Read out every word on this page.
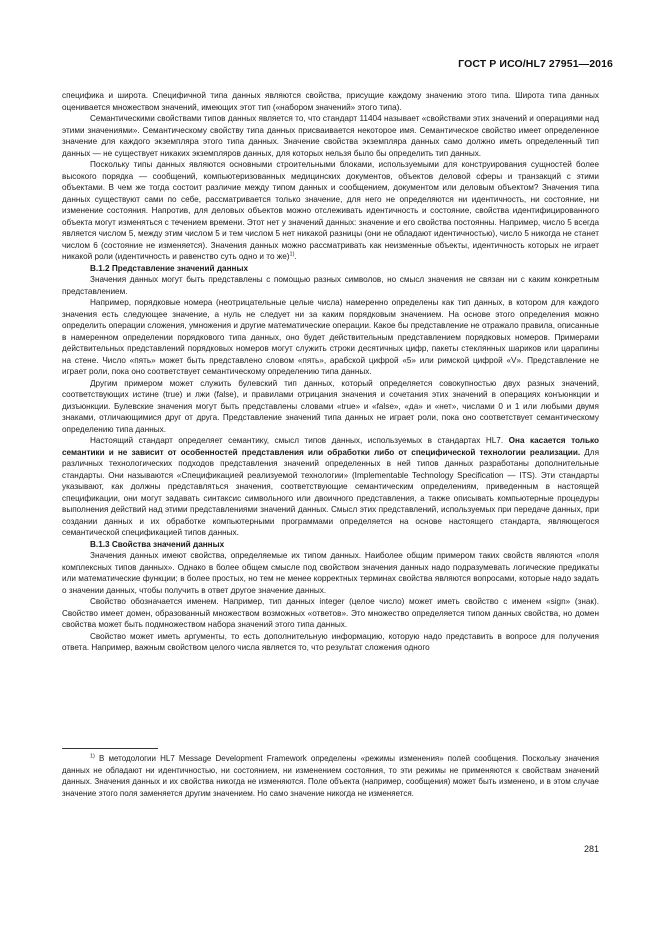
ГОСТ Р ИСО/HL7 27951—2016

специфика и широта. Специфичной типа данных являются свойства, присущие каждому значению этого типа. Широта типа данных оценивается множеством значений, имеющих этот тип («набором значений» этого типа).

Семантическими свойствами типов данных является то, что стандарт 11404 называет «свойствами этих значений и операциями над этими значениями». Семантическому свойству типа данных присваивается некоторое имя. Семантическое свойство имеет определенное значение для каждого экземпляра этого типа данных. Значение свойства экземпляра данных само должно иметь определенный тип данных — не существует никаких экземпляров данных, для которых нельзя было бы определить тип данных.

Поскольку типы данных являются основными строительными блоками, используемыми для конструирования сущностей более высокого порядка — сообщений, компьютеризованных медицинских документов, объектов деловой сферы и транзакций с этими объектами. В чем же тогда состоит различие между типом данных и сообщением, документом или деловым объектом? Значения типа данных существуют сами по себе, рассматривается только значение, для него не определяются ни идентичность, ни состояние, ни изменение состояния. Напротив, для деловых объектов можно отслеживать идентичность и состояние, свойства идентифицированного объекта могут изменяться с течением времени. Этот нет у значений данных: значение и его свойства постоянны. Например, число 5 всегда является числом 5, между этим числом 5 и тем числом 5 нет никакой разницы (они не обладают идентичностью), число 5 никогда не станет числом 6 (состояние не изменяется). Значения данных можно рассматривать как неизменные объекты, идентичность которых не играет никакой роли (идентичность и равенство суть одно и то же)$^{1)}$.

B.1.2 Представление значений данных

Значения данных могут быть представлены с помощью разных символов, но смысл значения не связан ни с каким конкретным представлением.

Например, порядковые номера (неотрицательные целые числа) намеренно определены как тип данных, в котором для каждого значения есть следующее значение, а нуль не следует ни за каким порядковым значением. На основе этого определения можно определить операции сложения, умножения и другие математические операции. Какое бы представление не отражало правила, описанные в намеренном определении порядкового типа данных, оно будет действительным представлением порядковых номеров. Примерами действительных представлений порядковых номеров могут служить строки десятичных цифр, пакеты стеклянных шариков или царапины на стене. Число «пять» может быть представлено словом «пять», арабской цифрой «5» или римской цифрой «V». Представление не играет роли, пока оно соответствует семантическому определению типа данных.

Другим примером может служить булевский тип данных, который определяется совокупностью двух разных значений, соответствующих истине (true) и лжи (false), и правилами отрицания значения и сочетания этих значений в операциях конъюнкции и дизъюнкции. Булевские значения могут быть представлены словами «true» и «false», «да» и «нет», числами 0 и 1 или любыми двумя знаками, отличающимися друг от друга. Представление значений типа данных не играет роли, пока оно соответствует семантическому определению типа данных.

Настоящий стандарт определяет семантику, смысл типов данных, используемых в стандартах HL7. Она касается только семантики и не зависит от особенностей представления или обработки либо от специфической технологии реализации. Для различных технологических подходов представления значений определенных в ней типов данных разработаны дополнительные стандарты. Они называются «Спецификацией реализуемой технологии» (Implementable Technology Specification — ITS). Эти стандарты указывают, как должны представляться значения, соответствующие семантическим определениям, приведенным в настоящей спецификации, они могут задавать синтаксис символьного или двоичного представления, а также описывать компьютерные процедуры выполнения действий над этими представлениями значений данных. Смысл этих представлений, используемых при передаче данных, при создании данных и их обработке компьютерными программами определяется на основе настоящего стандарта, являющегося семантической спецификацией типов данных.

B.1.3 Свойства значений данных

Значения данных имеют свойства, определяемые их типом данных. Наиболее общим примером таких свойств являются «поля комплексных типов данных». Однако в более общем смысле под свойством значения данных надо подразумевать логические предикаты или математические функции; в более простых, но тем не менее корректных терминах свойства являются вопросами, которые надо задать о значении данных, чтобы получить в ответ другое значение данных.

Свойство обозначается именем. Например, тип данных integer (целое число) может иметь свойство с именем «sign» (знак). Свойство имеет домен, образованный множеством возможных «ответов». Это множество определяется типом данных свойства, но домен свойства может быть подмножеством набора значений этого типа данных.

Свойство может иметь аргументы, то есть дополнительную информацию, которую надо представить в вопросе для получения ответа. Например, важным свойством целого числа является то, что результат сложения одного

$^{1)}$ В методологии HL7 Message Development Framework определены «режимы изменения» полей сообщения. Поскольку значения данных не обладают ни идентичностью, ни состоянием, ни изменением состояния, то эти режимы не применяются к свойствам значений данных. Значения данных и их свойства никогда не изменяются. Поле объекта (например, сообщения) может быть изменено, и в этом случае значение этого поля заменяется другим значением. Но само значение никогда не изменяется.
281
